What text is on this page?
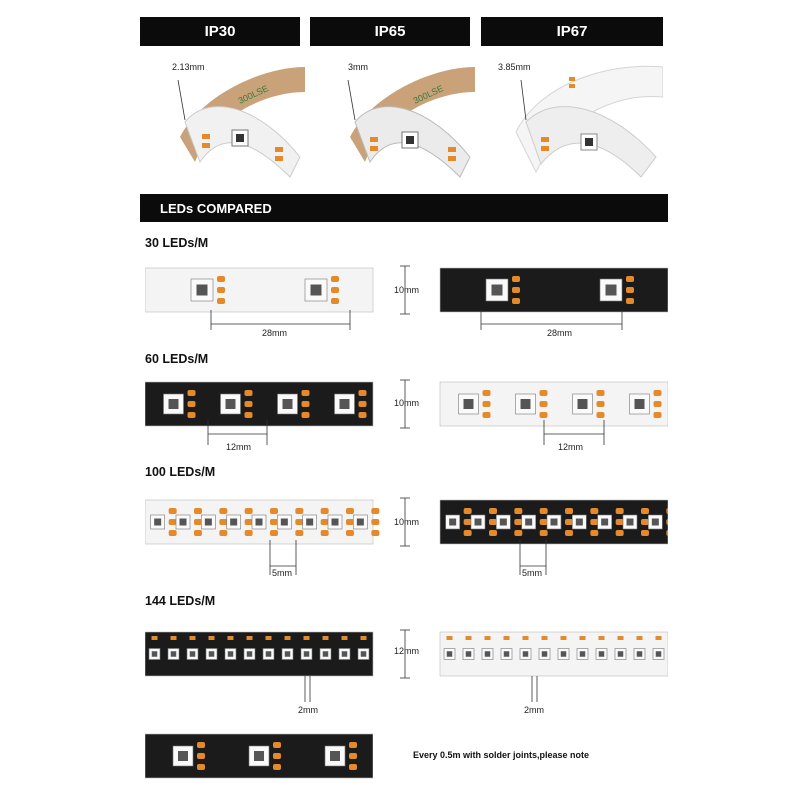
IP30	IP65	IP67
300LSE
2.13mm
300LSE
3mm	3.85mm
LEDs COMPARED
30 LEDs/M
60 LEDs/M
100 LEDs/M
144 LEDs/M
10mm
10mm
10mm
12mm
28mm	28mm
12mm	12mm
5mm	5mm
2mm	2mm
Every 0.5m with solder joints,please note
